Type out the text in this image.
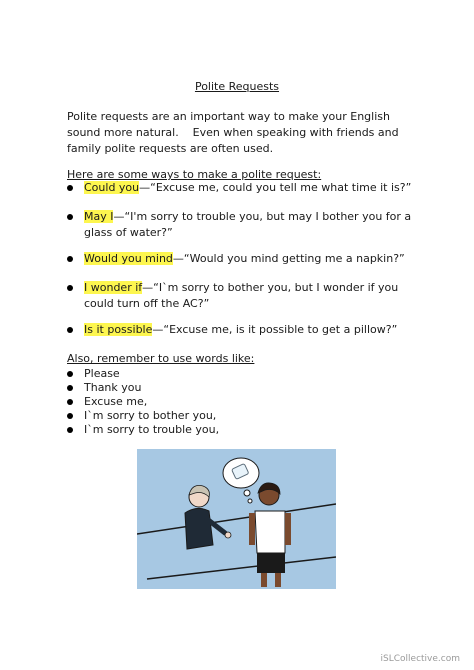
Polite Requests

Polite requests are an important way to make your English
sound more natural.    Even when speaking with friends and
family polite requests are often used.

Here are some ways to make a polite request:
Could you—“Excuse me, could you tell me what time it is?”
May I—“I'm sorry to trouble you, but may I bother you for a glass of water?”
Would you mind—“Would you mind getting me a napkin?”
I wonder if—“I`m sorry to bother you, but I wonder if you could turn off the AC?”
Is it possible—“Excuse me, is it possible to get a pillow?”
Also, remember to use words like:
Please
Thank you
Excuse me,
I`m sorry to bother you,
I`m sorry to trouble you,
iSLCollective.com
